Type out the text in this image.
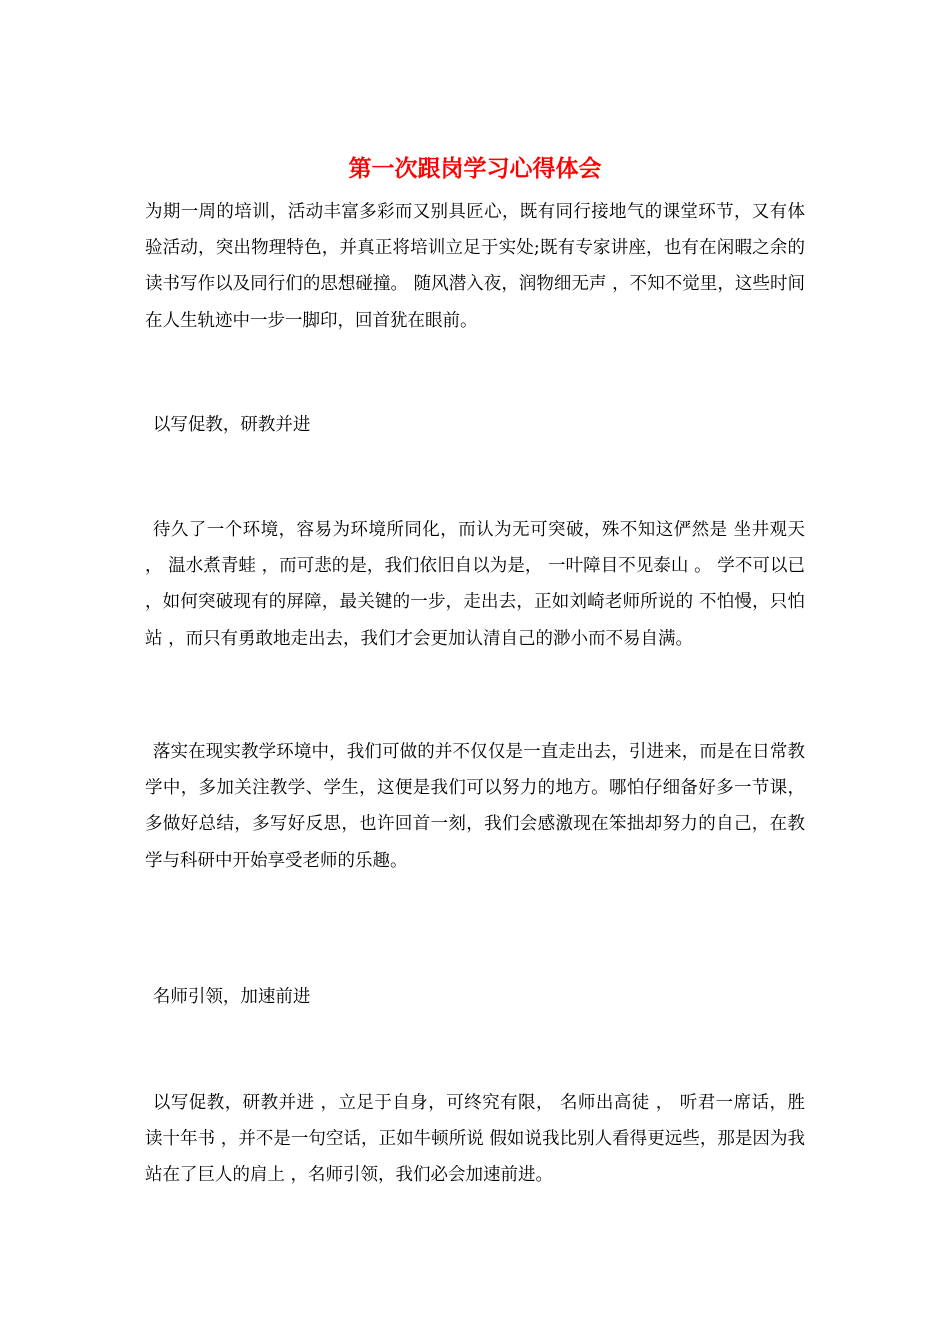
第一次跟岗学习心得体会

为期一周的培训，活动丰富多彩而又别具匠心，既有同行接地气的课堂环节，又有体验活动，突出物理特色，并真正将培训立足于实处;既有专家讲座，也有在闲暇之余的读书写作以及同行们的思想碰撞。 随风潜入夜，润物细无声 ，不知不觉里，这些时间在人生轨迹中一步一脚印，回首犹在眼前。

以写促教，研教并进

待久了一个环境，容易为环境所同化，而认为无可突破，殊不知这俨然是 坐井观天 ， 温水煮青蛙 ，而可悲的是，我们依旧自以为是， 一叶障目不见泰山 。 学不可以已 ，如何突破现有的屏障，最关键的一步，走出去，正如刘崎老师所说的 不怕慢，只怕站 ，而只有勇敢地走出去，我们才会更加认清自己的渺小而不易自满。

落实在现实教学环境中，我们可做的并不仅仅是一直走出去，引进来，而是在日常教学中，多加关注教学、学生，这便是我们可以努力的地方。哪怕仔细备好多一节课，多做好总结，多写好反思，也许回首一刻，我们会感激现在笨拙却努力的自己，在教学与科研中开始享受老师的乐趣。

名师引领，加速前进

以写促教，研教并进 ，立足于自身，可终究有限， 名师出高徒 ， 听君一席话，胜读十年书 ，并不是一句空话，正如牛顿所说 假如说我比别人看得更远些，那是因为我站在了巨人的肩上 ，名师引领，我们必会加速前进。
